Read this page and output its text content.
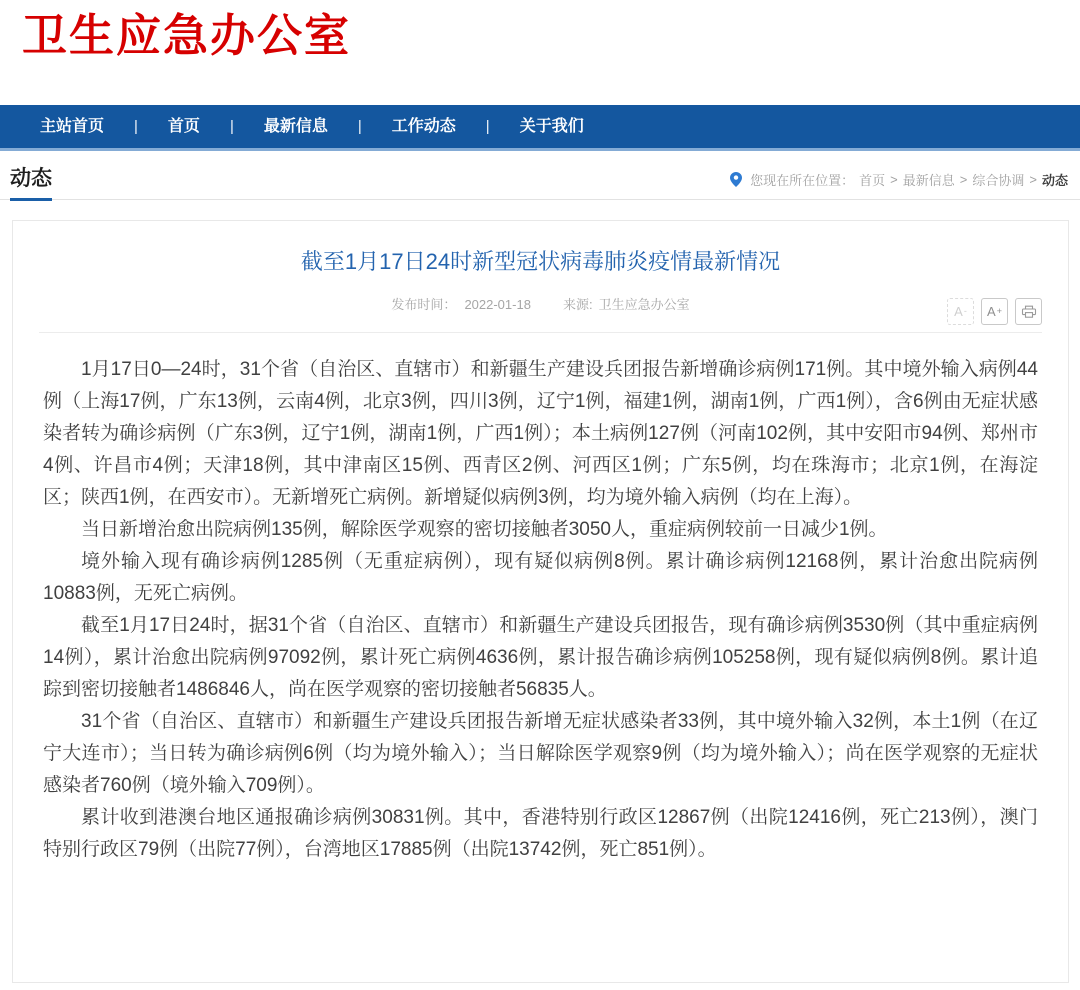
卫生应急办公室
主站首页	|	首页	|	最新信息	|	工作动态	|	关于我们
动态	您现在所在位置： 首页 > 最新信息 > 综合协调 > 动态
截至1月17日24时新型冠状病毒肺炎疫情最新情况
发布时间： 2022-01-18 来源: 卫生应急办公室	A - A +

1月17日0—24时，31个省（自治区、直辖市）和新疆生产建设兵团报告新增确诊病例171例。其中境外输入病例44例（上海17例，广东13例，云南4例，北京3例，四川3例，辽宁1例，福建1例，湖南1例，广西1例），含6例由无症状感染者转为确诊病例（广东3例，辽宁1例，湖南1例，广西1例）；本土病例127例（河南102例，其中安阳市94例、郑州市4例、许昌市4例；天津18例，其中津南区15例、西青区2例、河西区1例；广东5例，均在珠海市；北京1例，在海淀区；陕西1例，在西安市）。无新增死亡病例。新增疑似病例3例，均为境外输入病例（均在上海）。

当日新增治愈出院病例135例，解除医学观察的密切接触者3050人，重症病例较前一日减少1例。

境外输入现有确诊病例1285例（无重症病例），现有疑似病例8例。累计确诊病例12168例，累计治愈出院病例10883例，无死亡病例。

截至1月17日24时，据31个省（自治区、直辖市）和新疆生产建设兵团报告，现有确诊病例3530例（其中重症病例14例），累计治愈出院病例97092例，累计死亡病例4636例，累计报告确诊病例105258例，现有疑似病例8例。累计追踪到密切接触者1486846人，尚在医学观察的密切接触者56835人。

31个省（自治区、直辖市）和新疆生产建设兵团报告新增无症状感染者33例，其中境外输入32例，本土1例（在辽宁大连市）；当日转为确诊病例6例（均为境外输入）；当日解除医学观察9例（均为境外输入）；尚在医学观察的无症状感染者760例（境外输入709例）。

累计收到港澳台地区通报确诊病例30831例。其中，香港特别行政区12867例（出院12416例，死亡213例），澳门特别行政区79例（出院77例），台湾地区17885例（出院13742例，死亡851例）。
